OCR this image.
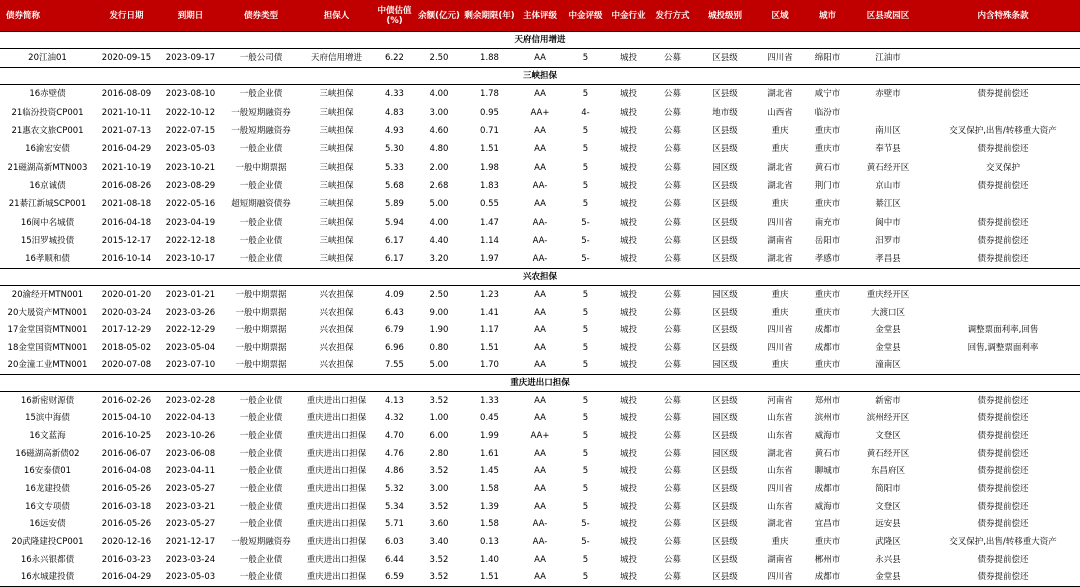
债券简称	发行日期	到期日	债券类型	担保人	中债估值(%)	余额(亿元)	剩余期限(年)	主体评级	中金评级	中金行业	发行方式	城投级别	区域	城市	区县或园区	内含特殊条款
天府信用增进																
20江油01	2020-09-15	2023-09-17	一般公司债	天府信用增进	6.22	2.50	1.88	AA	5	城投	公募	区县级	四川省	绵阳市	江油市	
三峡担保																
16赤壁债	2016-08-09	2023-08-10	一般企业债	三峡担保	4.33	4.00	1.78	AA	5	城投	公募	区县级	湖北省	咸宁市	赤壁市	债券提前偿还
21临汾投资CP001	2021-10-11	2022-10-12	一般短期融资券	三峡担保	4.83	3.00	0.95	AA+	4-	城投	公募	地市级	山西省	临汾市		
21惠农文旅CP001	2021-07-13	2022-07-15	一般短期融资券	三峡担保	4.93	4.60	0.71	AA	5	城投	公募	区县级	重庆	重庆市	南川区	交叉保护,出售/转移重大资产
16渝宏安债	2016-04-29	2023-05-03	一般企业债	三峡担保	5.30	4.80	1.51	AA	5	城投	公募	区县级	重庆	重庆市	奉节县	债券提前偿还
21磁湖高新MTN003	2021-10-19	2023-10-21	一般中期票据	三峡担保	5.33	2.00	1.98	AA	5	城投	公募	园区级	湖北省	黄石市	黄石经开区	交叉保护
16京诚债	2016-08-26	2023-08-29	一般企业债	三峡担保	5.68	2.68	1.83	AA-	5	城投	公募	区县级	湖北省	荆门市	京山市	债券提前偿还
21綦江新城SCP001	2021-08-18	2022-05-16	超短期融资债券	三峡担保	5.89	5.00	0.55	AA	5	城投	公募	区县级	重庆	重庆市	綦江区	
16阆中名城债	2016-04-18	2023-04-19	一般企业债	三峡担保	5.94	4.00	1.47	AA-	5-	城投	公募	区县级	四川省	南充市	阆中市	债券提前偿还
15汨罗城投债	2015-12-17	2022-12-18	一般企业债	三峡担保	6.17	4.40	1.14	AA-	5-	城投	公募	区县级	湖南省	岳阳市	汨罗市	债券提前偿还
16孝顺和债	2016-10-14	2023-10-17	一般企业债	三峡担保	6.17	3.20	1.97	AA-	5-	城投	公募	区县级	湖北省	孝感市	孝昌县	债券提前偿还
兴农担保																
20渝经开MTN001	2020-01-20	2023-01-21	一般中期票据	兴农担保	4.09	2.50	1.23	AA	5	城投	公募	园区级	重庆	重庆市	重庆经开区	
20大晟资产MTN001	2020-03-24	2023-03-26	一般中期票据	兴农担保	6.43	9.00	1.41	AA	5	城投	公募	区县级	重庆	重庆市	大渡口区	
17金堂国资MTN001	2017-12-29	2022-12-29	一般中期票据	兴农担保	6.79	1.90	1.17	AA	5	城投	公募	区县级	四川省	成都市	金堂县	调整票面利率,回售
18金堂国资MTN001	2018-05-02	2023-05-04	一般中期票据	兴农担保	6.96	0.80	1.51	AA	5	城投	公募	区县级	四川省	成都市	金堂县	回售,调整票面利率
20金潼工业MTN001	2020-07-08	2023-07-10	一般中期票据	兴农担保	7.55	5.00	1.70	AA	5	城投	公募	园区级	重庆	重庆市	潼南区	
重庆进出口担保																
16新密财源债	2016-02-26	2023-02-28	一般企业债	重庆进出口担保	4.13	3.52	1.33	AA	5	城投	公募	区县级	河南省	郑州市	新密市	债券提前偿还
15滨中海债	2015-04-10	2022-04-13	一般企业债	重庆进出口担保	4.32	1.00	0.45	AA	5	城投	公募	园区级	山东省	滨州市	滨州经开区	债券提前偿还
16文蓝海	2016-10-25	2023-10-26	一般企业债	重庆进出口担保	4.70	6.00	1.99	AA+	5	城投	公募	区县级	山东省	威海市	文登区	债券提前偿还
16磁湖高新债02	2016-06-07	2023-06-08	一般企业债	重庆进出口担保	4.76	2.80	1.61	AA	5	城投	公募	园区级	湖北省	黄石市	黄石经开区	债券提前偿还
16安泰债01	2016-04-08	2023-04-11	一般企业债	重庆进出口担保	4.86	3.52	1.45	AA	5	城投	公募	区县级	山东省	聊城市	东昌府区	债券提前偿还
16龙建投债	2016-05-26	2023-05-27	一般企业债	重庆进出口担保	5.32	3.00	1.58	AA	5	城投	公募	区县级	四川省	成都市	简阳市	债券提前偿还
16文专项债	2016-03-18	2023-03-21	一般企业债	重庆进出口担保	5.34	3.52	1.39	AA	5	城投	公募	区县级	山东省	威海市	文登区	债券提前偿还
16远安债	2016-05-26	2023-05-27	一般企业债	重庆进出口担保	5.71	3.60	1.58	AA-	5-	城投	公募	区县级	湖北省	宜昌市	远安县	债券提前偿还
20武隆建投CP001	2020-12-16	2021-12-17	一般短期融资券	重庆进出口担保	6.03	3.40	0.13	AA-	5-	城投	公募	区县级	重庆	重庆市	武隆区	交叉保护,出售/转移重大资产
16永兴银都债	2016-03-23	2023-03-24	一般企业债	重庆进出口担保	6.44	3.52	1.40	AA	5	城投	公募	区县级	湖南省	郴州市	永兴县	债券提前偿还
16水城建投债	2016-04-29	2023-05-03	一般企业债	重庆进出口担保	6.59	3.52	1.51	AA	5	城投	公募	区县级	四川省	成都市	金堂县	债券提前偿还
